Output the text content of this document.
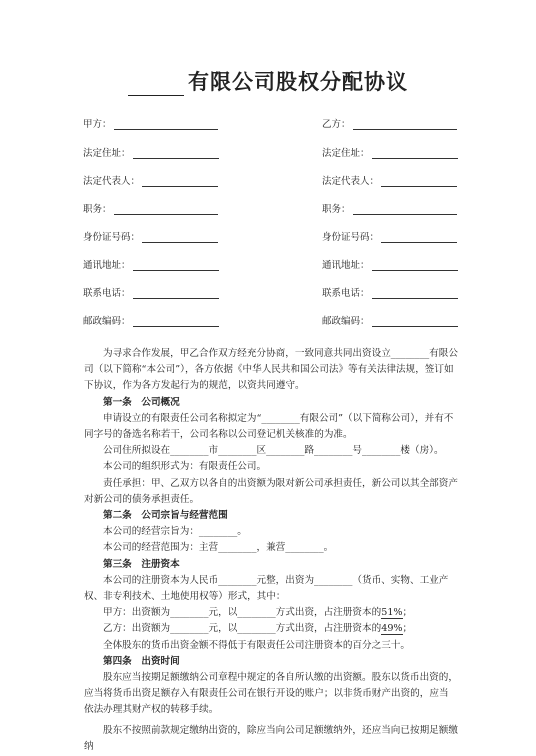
有限公司股权分配协议
甲方：
法定住址：
法定代表人：
职务：
身份证号码：
通讯地址：
联系电话：
邮政编码：
乙方：
法定住址：
法定代表人：
职务：
身份证号码：
通讯地址：
联系电话：
邮政编码：
为寻求合作发展，甲乙合作双方经充分协商，一致同意共同出资设立________有限公司（以下简称“本公司”），各方依据《中华人民共和国公司法》等有关法律法规，签订如下协议，作为各方发起行为的规范，以资共同遵守。
第一条　公司概况
申请设立的有限责任公司名称拟定为“________有限公司”（以下简称公司），并有不同字号的备选名称若干，公司名称以公司登记机关核准的为准。
公司住所拟设在________市________区________路________号________楼（房）。
本公司的组织形式为：有限责任公司。
责任承担：甲、乙双方以各自的出资额为限对新公司承担责任，新公司以其全部资产对新公司的债务承担责任。
第二条　公司宗旨与经营范围
本公司的经营宗旨为：________。
本公司的经营范围为：主营________，兼营________。
第三条　注册资本
本公司的注册资本为人民币________元整，出资为________（货币、实物、工业产权、非专利技术、土地使用权等）形式，其中：
甲方：出资额为________元，以________方式出资，占注册资本的51%；
乙方：出资额为________元，以________方式出资，占注册资本的49%；
全体股东的货币出资金额不得低于有限责任公司注册资本的百分之三十。
第四条　出资时间
股东应当按期足额缴纳公司章程中规定的各自所认缴的出资额。股东以货币出资的，应当将货币出资足额存入有限责任公司在银行开设的账户；以非货币财产出资的，应当依法办理其财产权的转移手续。
股东不按照前款规定缴纳出资的，除应当向公司足额缴纳外，还应当向已按期足额缴纳
